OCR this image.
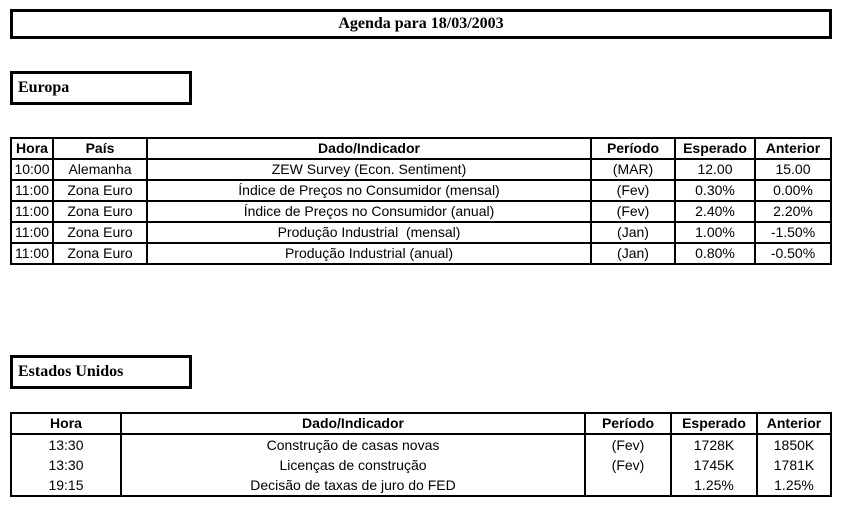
Agenda para 18/03/2003
Europa
Hora	País	Dado/Indicador	Período	Esperado	Anterior
10:00	Alemanha	ZEW Survey (Econ. Sentiment)	(MAR)	12.00	15.00
11:00	Zona Euro	Índice de Preços no Consumidor (mensal)	(Fev)	0.30%	0.00%
11:00	Zona Euro	Índice de Preços no Consumidor (anual)	(Fev)	2.40%	2.20%
11:00	Zona Euro	Produção Industrial  (mensal)	(Jan)	1.00%	-1.50%
11:00	Zona Euro	Produção Industrial (anual)	(Jan)	0.80%	-0.50%
Estados Unidos
Hora	Dado/Indicador	Período	Esperado	Anterior
13:30	Construção de casas novas	(Fev)	1728K	1850K
13:30	Licenças de construção	(Fev)	1745K	1781K
19:15	Decisão de taxas de juro do FED		1.25%	1.25%
